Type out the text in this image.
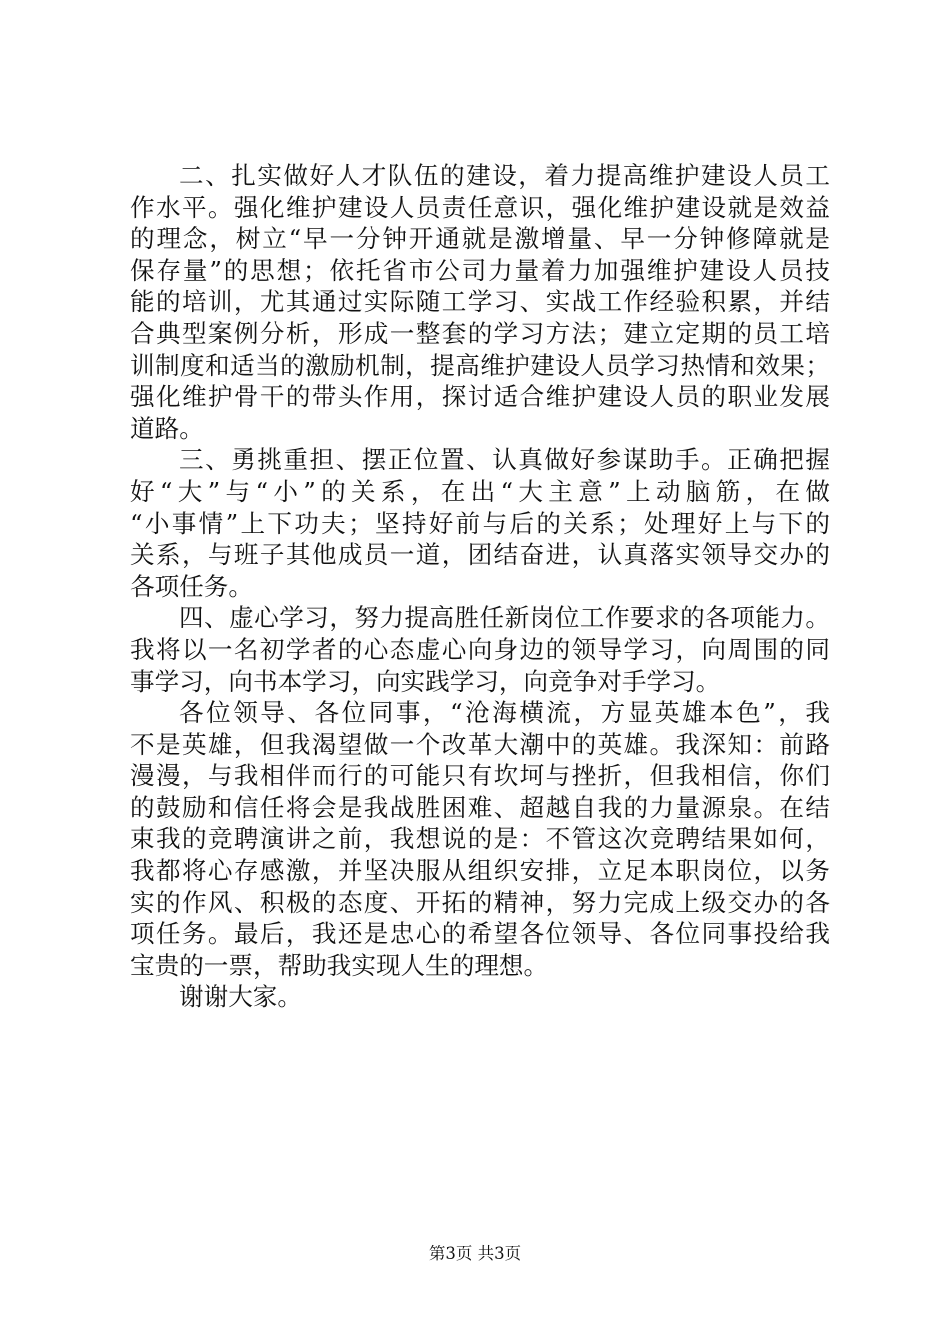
二、扎实做好人才队伍的建设，着力提高维护建设人员工
作水平。强化维护建设人员责任意识，强化维护建设就是效益
的理念，树立“早一分钟开通就是激增量、早一分钟修障就是
保存量”的思想；依托省市公司力量着力加强维护建设人员技
能的培训，尤其通过实际随工学习、实战工作经验积累，并结
合典型案例分析，形成一整套的学习方法；建立定期的员工培
训制度和适当的激励机制，提高维护建设人员学习热情和效果；
强化维护骨干的带头作用，探讨适合维护建设人员的职业发展
道路。
三、勇挑重担、摆正位置、认真做好参谋助手。正确把握
好“大”与“小”的关系，在出“大主意”上动脑筋，在做
“小事情”上下功夫；坚持好前与后的关系；处理好上与下的
关系，与班子其他成员一道，团结奋进，认真落实领导交办的
各项任务。
四、虚心学习，努力提高胜任新岗位工作要求的各项能力。
我将以一名初学者的心态虚心向身边的领导学习，向周围的同
事学习，向书本学习，向实践学习，向竞争对手学习。
各位领导、各位同事，“沧海横流，方显英雄本色”，我
不是英雄，但我渴望做一个改革大潮中的英雄。我深知：前路
漫漫，与我相伴而行的可能只有坎坷与挫折，但我相信，你们
的鼓励和信任将会是我战胜困难、超越自我的力量源泉。在结
束我的竞聘演讲之前，我想说的是：不管这次竞聘结果如何，
我都将心存感激，并坚决服从组织安排，立足本职岗位，以务
实的作风、积极的态度、开拓的精神，努力完成上级交办的各
项任务。最后，我还是忠心的希望各位领导、各位同事投给我
宝贵的一票，帮助我实现人生的理想。
谢谢大家。
第3页 共3页
